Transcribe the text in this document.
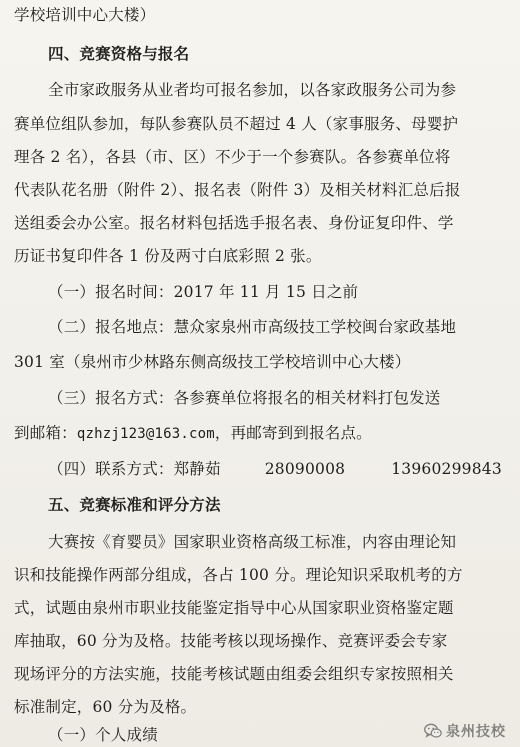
学校培训中心大楼）
四、竞赛资格与报名
全市家政服务从业者均可报名参加，以各家政服务公司为参
赛单位组队参加，每队参赛队员不超过 4 人（家事服务、母婴护
理各 2 名），各县（市、区）不少于一个参赛队。各参赛单位将
代表队花名册（附件 2）、报名表（附件 3）及相关材料汇总后报
送组委会办公室。报名材料包括选手报名表、身份证复印件、学
历证书复印件各 1 份及两寸白底彩照 2 张。
（一）报名时间：2017 年 11 月 15 日之前
（二）报名地点：慧众家泉州市高级技工学校闽台家政基地
301 室（泉州市少林路东侧高级技工学校培训中心大楼）
（三）报名方式：各参赛单位将报名的相关材料打包发送
到邮箱：qzhzj123@163.com，再邮寄到到报名点。
（四）联系方式：郑静茹	28090008	13960299843
五、竞赛标准和评分方法
大赛按《育婴员》国家职业资格高级工标准，内容由理论知
识和技能操作两部分组成，各占 100 分。理论知识采取机考的方
式，试题由泉州市职业技能鉴定指导中心从国家职业资格鉴定题
库抽取，60 分为及格。技能考核以现场操作、竞赛评委会专家
现场评分的方法实施，技能考核试题由组委会组织专家按照相关
标准制定，60 分为及格。
（一）个人成绩	泉州技校
